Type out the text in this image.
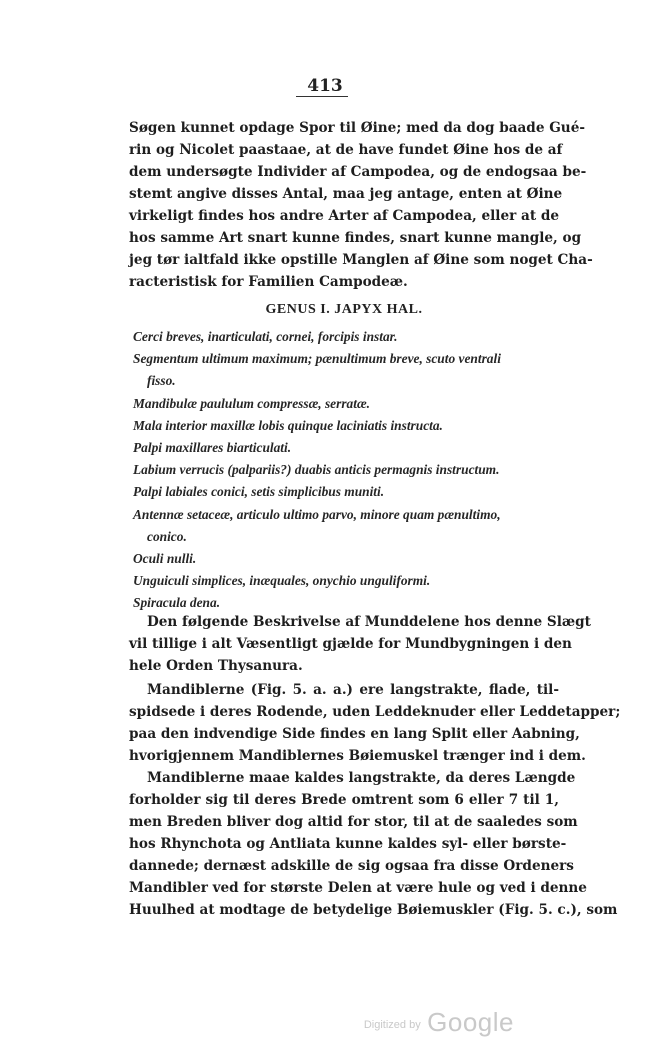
413
Søgen kunnet opdage Spor til Øine; med da dog baade Gué-
rin og Nicolet paastaae, at de have fundet Øine hos de af
dem undersøgte Individer af Campodea, og de endogsaa be-
stemt angive disses Antal, maa jeg antage, enten at Øine
virkeligt findes hos andre Arter af Campodea, eller at de
hos samme Art snart kunne findes, snart kunne mangle, og
jeg tør ialtfald ikke opstille Manglen af Øine som noget Cha-
racteristisk for Familien Campodeæ.
GENUS I. JAPYX HAL.
Cerci breves, inarticulati, cornei, forcipis instar.
Segmentum ultimum maximum; pænultimum breve, scuto ventrali
fisso.
Mandibulæ paululum compressæ, serratæ.
Mala interior maxillæ lobis quinque laciniatis instructa.
Palpi maxillares biarticulati.
Labium verrucis (palpariis?) duabis anticis permagnis instructum.
Palpi labiales conici, setis simplicibus muniti.
Antennæ setaceæ, articulo ultimo parvo, minore quam pænultimo,
conico.
Oculi nulli.
Unguiculi simplices, inæquales, onychio unguliformi.
Spiracula dena.
Den følgende Beskrivelse af Munddelene hos denne Slægt
vil tillige i alt Væsentligt gjælde for Mundbygningen i den
hele Orden Thysanura.
Mandiblerne (Fig. 5. a. a.) ere langstrakte, flade, til-
spidsede i deres Rodende, uden Leddeknuder eller Leddetapper;
paa den indvendige Side findes en lang Split eller Aabning,
hvorigjennem Mandiblernes Bøiemuskel trænger ind i dem.
Mandiblerne maae kaldes langstrakte, da deres Længde
forholder sig til deres Brede omtrent som 6 eller 7 til 1,
men Breden bliver dog altid for stor, til at de saaledes som
hos Rhynchota og Antliata kunne kaldes syl- eller børste-
dannede; dernæst adskille de sig ogsaa fra disse Ordeners
Mandibler ved for største Delen at være hule og ved i denne
Huulhed at modtage de betydelige Bøiemuskler (Fig. 5. c.), som
Digitized by Google
